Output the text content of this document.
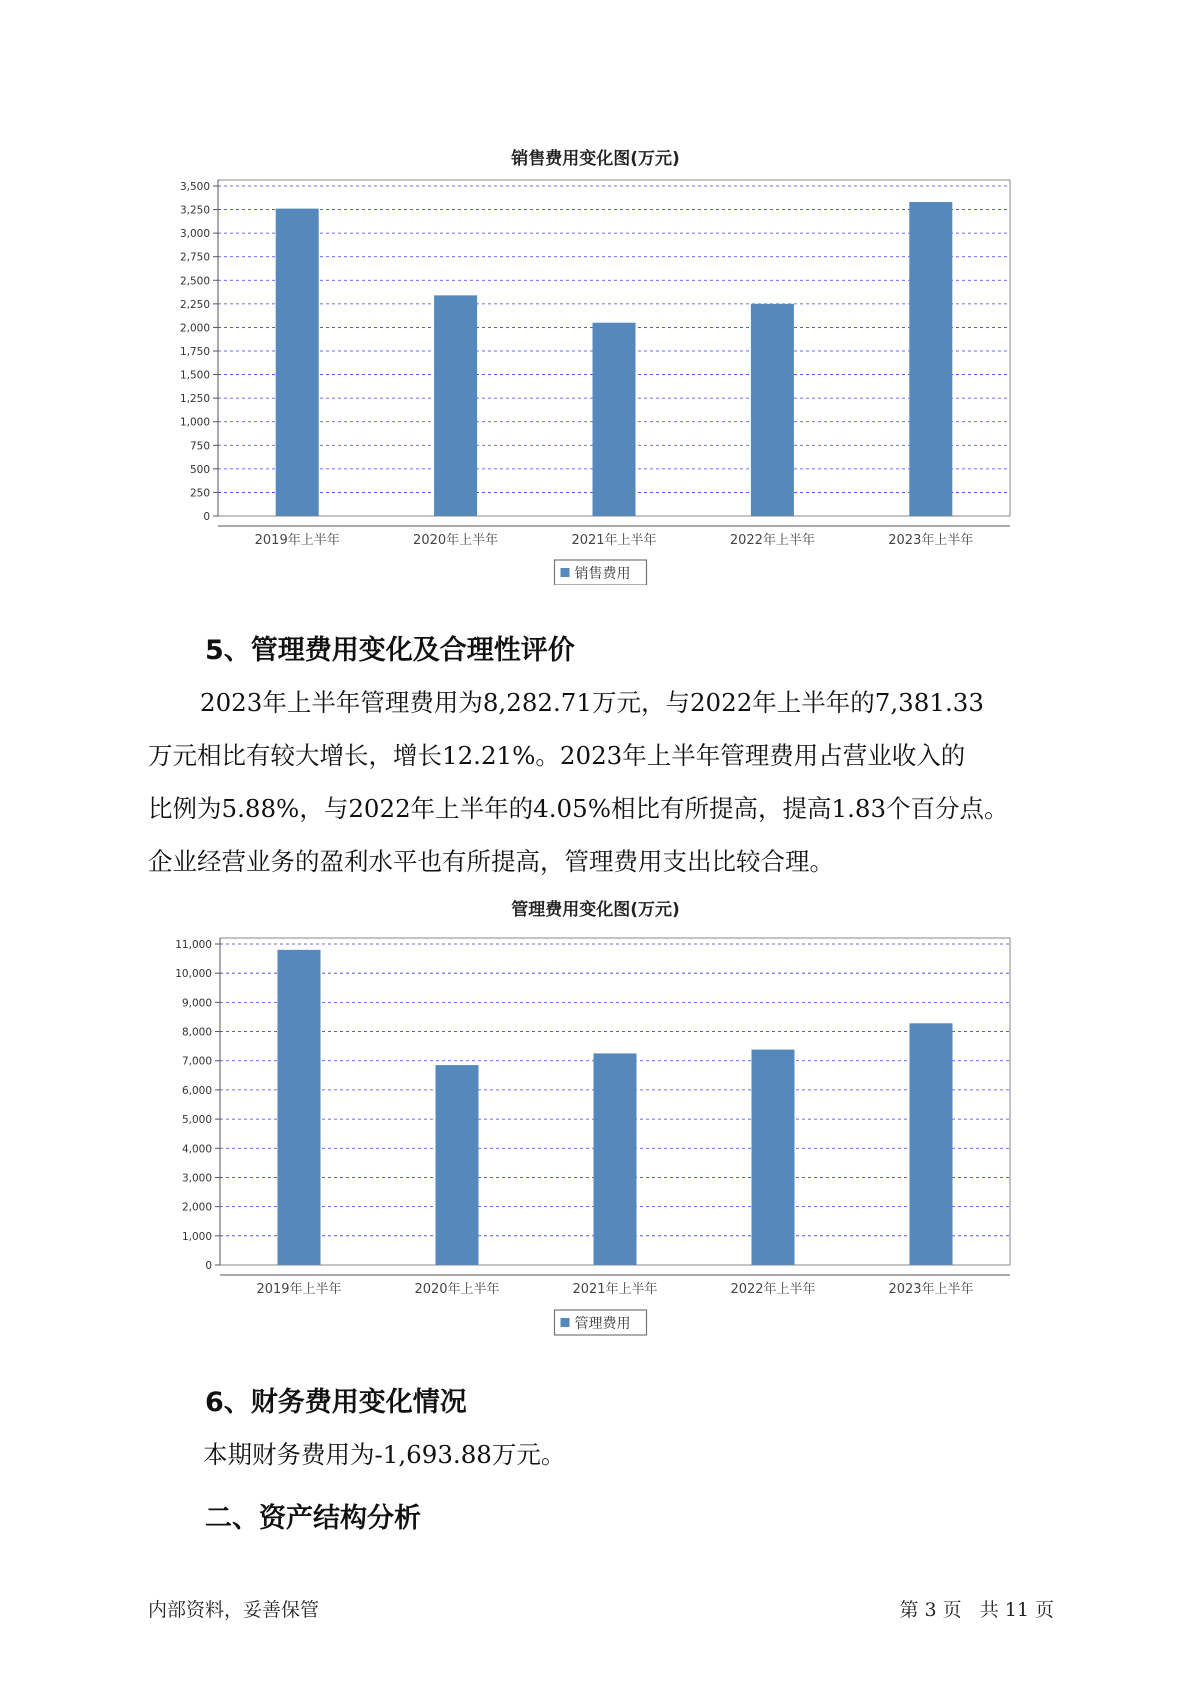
销售费用变化图(万元)
0
250
500
750
1,000
1,250
1,500
1,750
2,000
2,250
2,500
2,750
3,000
3,250
3,500
2019年上半年	2020年上半年	2021年上半年	2022年上半年	2023年上半年
销售费用
5、管理费用变化及合理性评价
2023年上半年管理费用为8,282.71万元，与2022年上半年的7,381.33
万元相比有较大增长，增长12.21%。2023年上半年管理费用占营业收入的
比例为5.88%，与2022年上半年的4.05%相比有所提高，提高1.83个百分点。
企业经营业务的盈利水平也有所提高，管理费用支出比较合理。
管理费用变化图(万元)
0
1,000
2,000
3,000
4,000
5,000
6,000
7,000
8,000
9,000
10,000
11,000
2019年上半年	2020年上半年	2021年上半年	2022年上半年	2023年上半年
管理费用
6、财务费用变化情况
本期财务费用为-1,693.88万元。
二、资产结构分析
内部资料，妥善保管	第 3 页   共 11 页
